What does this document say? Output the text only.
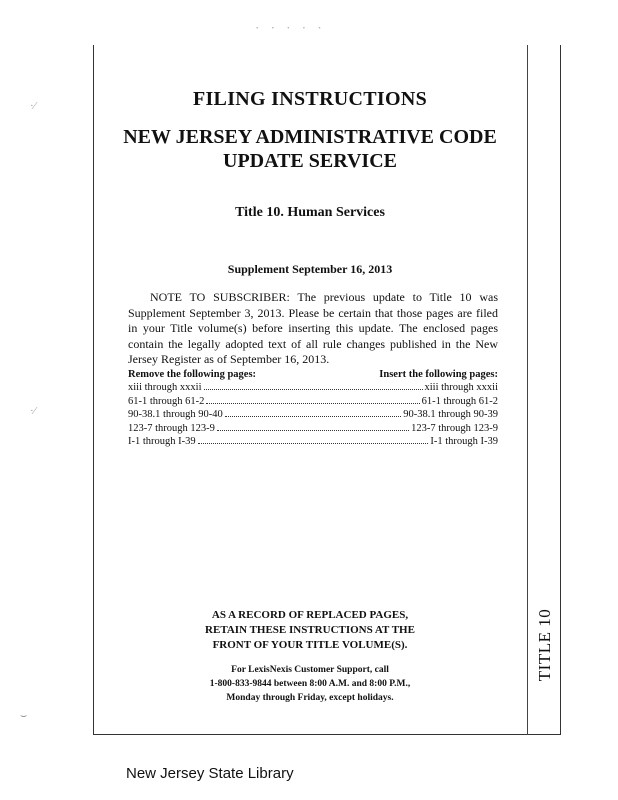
· · · · ·
TITLE 10
FILING INSTRUCTIONS
NEW JERSEY ADMINISTRATIVE CODE
UPDATE SERVICE
Title 10. Human Services
Supplement September 16, 2013
NOTE TO SUBSCRIBER: The previous update to Title 10 was Supplement September 3, 2013. Please be certain that those pages are filed in your Title volume(s) before inserting this update. The enclosed pages contain the legally adopted text of all rule changes published in the New Jersey Register as of September 16, 2013.
Remove the following pages:	Insert the following pages:
xiii through xxxii	xiii through xxxii
61-1 through 61-2	61-1 through 61-2
90-38.1 through 90-40	90-38.1 through 90-39
123-7 through 123-9	123-7 through 123-9
I-1 through I-39	I-1 through I-39
AS A RECORD OF REPLACED PAGES,
RETAIN THESE INSTRUCTIONS AT THE
FRONT OF YOUR TITLE VOLUME(S).
For LexisNexis Customer Support, call
1-800-833-9844 between 8:00 A.M. and 8:00 P.M.,
Monday through Friday, except holidays.
·⁄
·⁄
⌣
New Jersey State Library
